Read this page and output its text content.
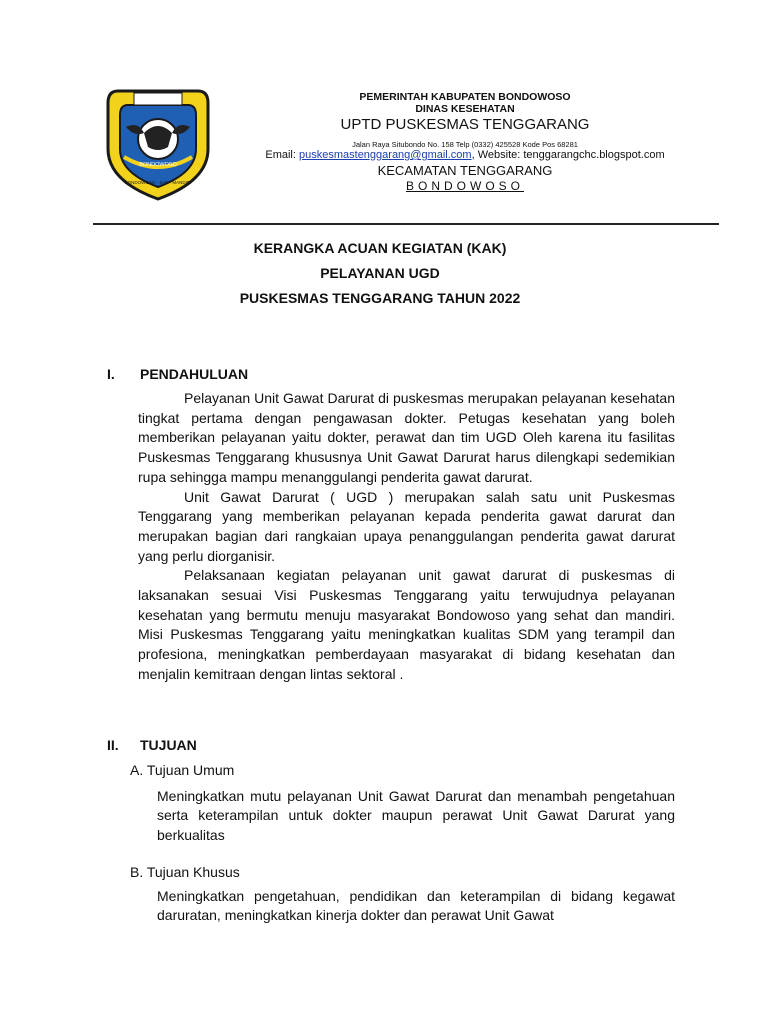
BONDOWOSO
BONDOWOSO · SAE · MANDIRI
PEMERINTAH KABUPATEN BONDOWOSO
DINAS KESEHATAN
UPTD PUSKESMAS TENGGARANG
Jalan Raya Situbondo No. 158 Telp (0332) 425528 Kode Pos 68281
Email: puskesmastenggarang@gmail.com, Website: tenggarangchc.blogspot.com
KECAMATAN TENGGARANG
BONDOWOSO
KERANGKA ACUAN KEGIATAN (KAK)
PELAYANAN UGD
PUSKESMAS TENGGARANG TAHUN 2022
I. PENDAHULUAN

Pelayanan Unit Gawat Darurat di puskesmas merupakan pelayanan kesehatan tingkat pertama dengan pengawasan dokter. Petugas kesehatan yang boleh memberikan pelayanan yaitu dokter, perawat dan tim UGD Oleh karena itu fasilitas Puskesmas Tenggarang khususnya Unit Gawat Darurat harus dilengkapi sedemikian rupa sehingga mampu menanggulangi penderita gawat darurat.

Unit Gawat Darurat ( UGD ) merupakan salah satu unit Puskesmas Tenggarang yang memberikan pelayanan kepada penderita gawat darurat dan merupakan bagian dari rangkaian upaya penanggulangan penderita gawat darurat yang perlu diorganisir.

Pelaksanaan kegiatan pelayanan unit gawat darurat di puskesmas di laksanakan sesuai Visi Puskesmas Tenggarang yaitu terwujudnya pelayanan kesehatan yang bermutu menuju masyarakat Bondowoso yang sehat dan mandiri. Misi Puskesmas Tenggarang yaitu meningkatkan kualitas SDM yang terampil dan profesiona, meningkatkan pemberdayaan masyarakat di bidang kesehatan dan menjalin kemitraan dengan lintas sektoral .

II. TUJUAN
A. Tujuan Umum
Meningkatkan mutu pelayanan Unit Gawat Darurat dan menambah pengetahuan serta keterampilan untuk dokter maupun perawat Unit Gawat Darurat yang berkualitas
B. Tujuan Khusus
Meningkatkan pengetahuan, pendidikan dan keterampilan di bidang kegawat daruratan, meningkatkan kinerja dokter dan perawat Unit Gawat
